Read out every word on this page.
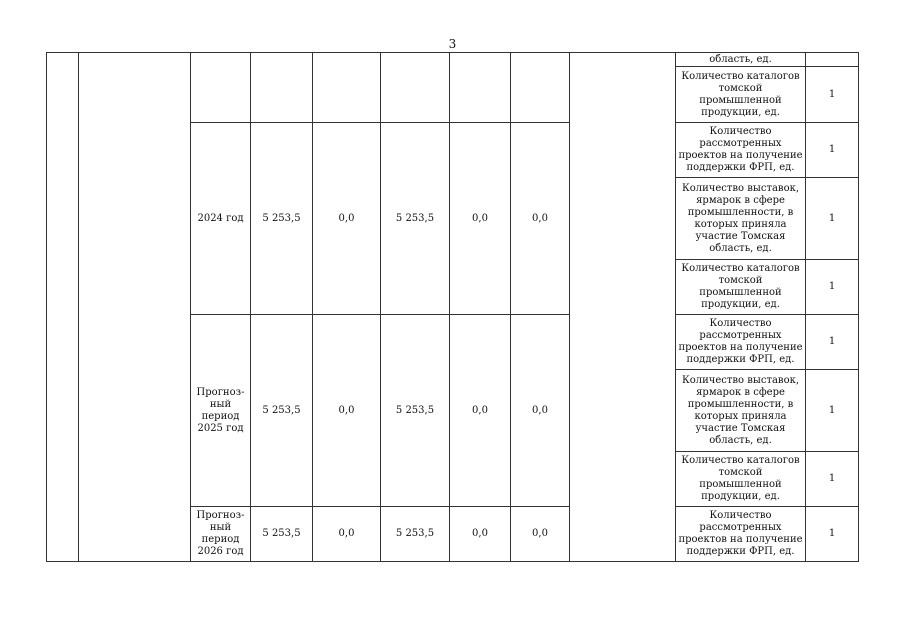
3
									область, ед.	
									Количество каталогов томской промышленной продукции, ед.	1
		2024 год	5 253,5	0,0	5 253,5	0,0	0,0		Количество рассмотренных проектов на получение поддержки ФРП, ед.	1
									Количество выставок, ярмарок в сфере промышленности, в которых приняла участие Томская область, ед.	1
									Количество каталогов томской промышленной продукции, ед.	1
		Прогноз-ный период 2025 год	5 253,5	0,0	5 253,5	0,0	0,0		Количество рассмотренных проектов на получение поддержки ФРП, ед.	1
									Количество выставок, ярмарок в сфере промышленности, в которых приняла участие Томская область, ед.	1
									Количество каталогов томской промышленной продукции, ед.	1
		Прогноз-ный период 2026 год	5 253,5	0,0	5 253,5	0,0	0,0		Количество рассмотренных проектов на получение поддержки ФРП, ед.	1
